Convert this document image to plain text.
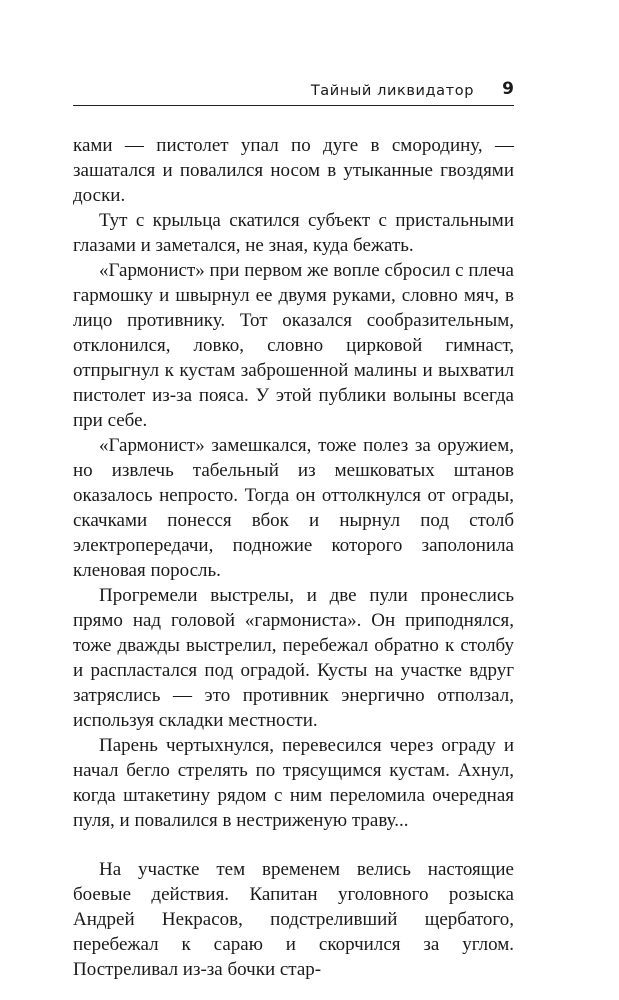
Тайный ликвидатор 9

ками — пистолет упал по дуге в смородину, — зашатался и повалился носом в утыканные гвоздями доски.

Тут с крыльца скатился субъект с пристальными глазами и заметался, не зная, куда бежать.

«Гармонист» при первом же вопле сбросил с плеча гармошку и швырнул ее двумя руками, словно мяч, в лицо противнику. Тот оказался сообразительным, отклонился, ловко, словно цирковой гимнаст, отпрыгнул к кустам заброшенной малины и выхватил пистолет из-за пояса. У этой публики волыны всегда при себе.

«Гармонист» замешкался, тоже полез за оружием, но извлечь табельный из мешковатых штанов оказалось непросто. Тогда он оттолкнулся от ограды, скачками понесся вбок и нырнул под столб электропередачи, подножие которого заполонила кленовая поросль.

Прогремели выстрелы, и две пули пронеслись прямо над головой «гармониста». Он приподнялся, тоже дважды выстрелил, перебежал обратно к столбу и распластался под оградой. Кусты на участке вдруг затряслись — это противник энергично отползал, используя складки местности.

Парень чертыхнулся, перевесился через ограду и начал бегло стрелять по трясущимся кустам. Ахнул, когда штакетину рядом с ним переломила очередная пуля, и повалился в нестриженую траву...

На участке тем временем велись настоящие боевые действия. Капитан уголовного розыска Андрей Некрасов, подстреливший щербатого, перебежал к сараю и скорчился за углом. Постреливал из-за бочки стар-
